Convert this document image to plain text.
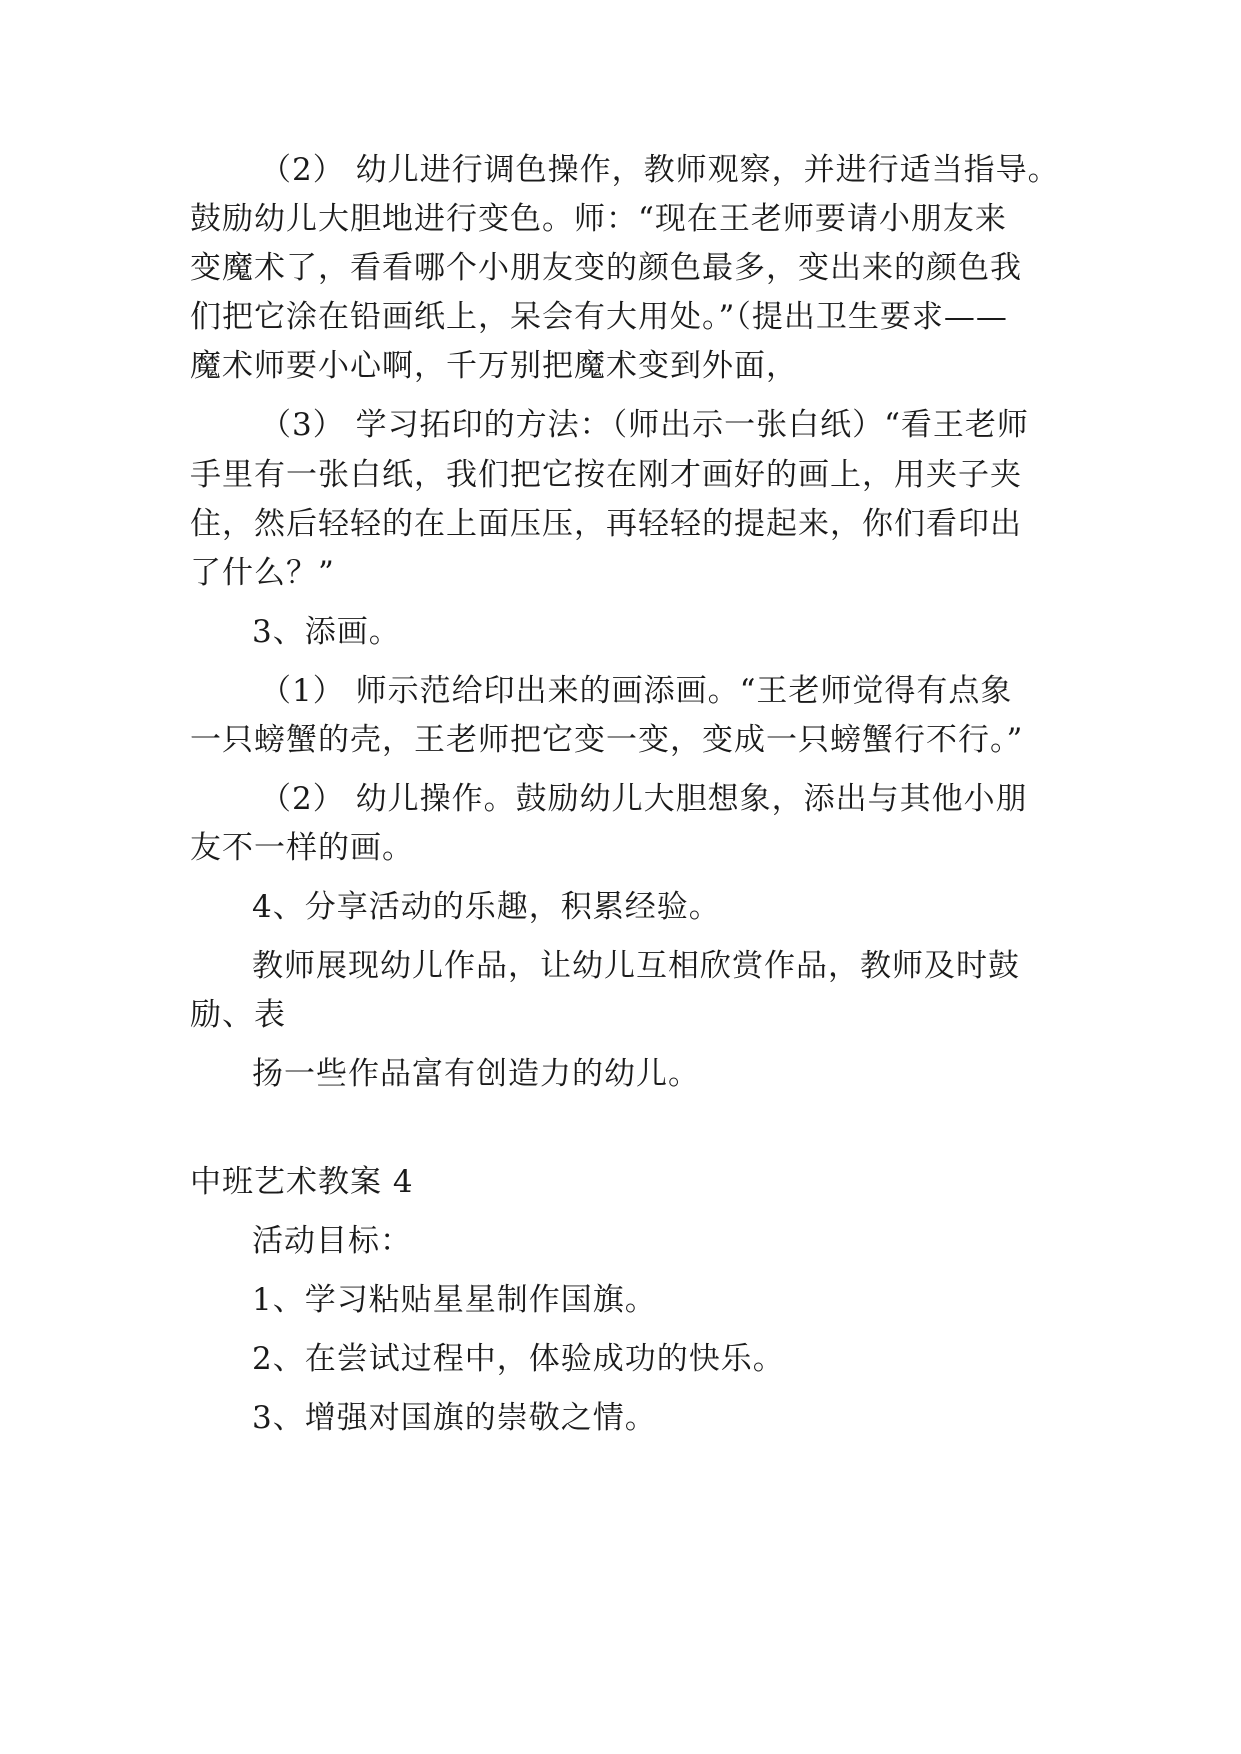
（2） 幼儿进行调色操作，教师观察，并进行适当指导。
鼓励幼儿大胆地进行变色。师：“现在王老师要请小朋友来
变魔术了，看看哪个小朋友变的颜色最多，变出来的颜色我
们把它涂在铅画纸上，呆会有大用处。”（提出卫生要求——
魔术师要小心啊，千万别把魔术变到外面，
（3） 学习拓印的方法：（师出示一张白纸）“看王老师
手里有一张白纸，我们把它按在刚才画好的画上，用夹子夹
住，然后轻轻的在上面压压，再轻轻的提起来，你们看印出
了什么？”
3、添画。
（1） 师示范给印出来的画添画。“王老师觉得有点象
一只螃蟹的壳，王老师把它变一变，变成一只螃蟹行不行。”
（2） 幼儿操作。鼓励幼儿大胆想象，添出与其他小朋
友不一样的画。
4、分享活动的乐趣，积累经验。
教师展现幼儿作品，让幼儿互相欣赏作品，教师及时鼓
励、表
扬一些作品富有创造力的幼儿。
中班艺术教案 4
活动目标：
1、学习粘贴星星制作国旗。
2、在尝试过程中，体验成功的快乐。
3、增强对国旗的崇敬之情。
